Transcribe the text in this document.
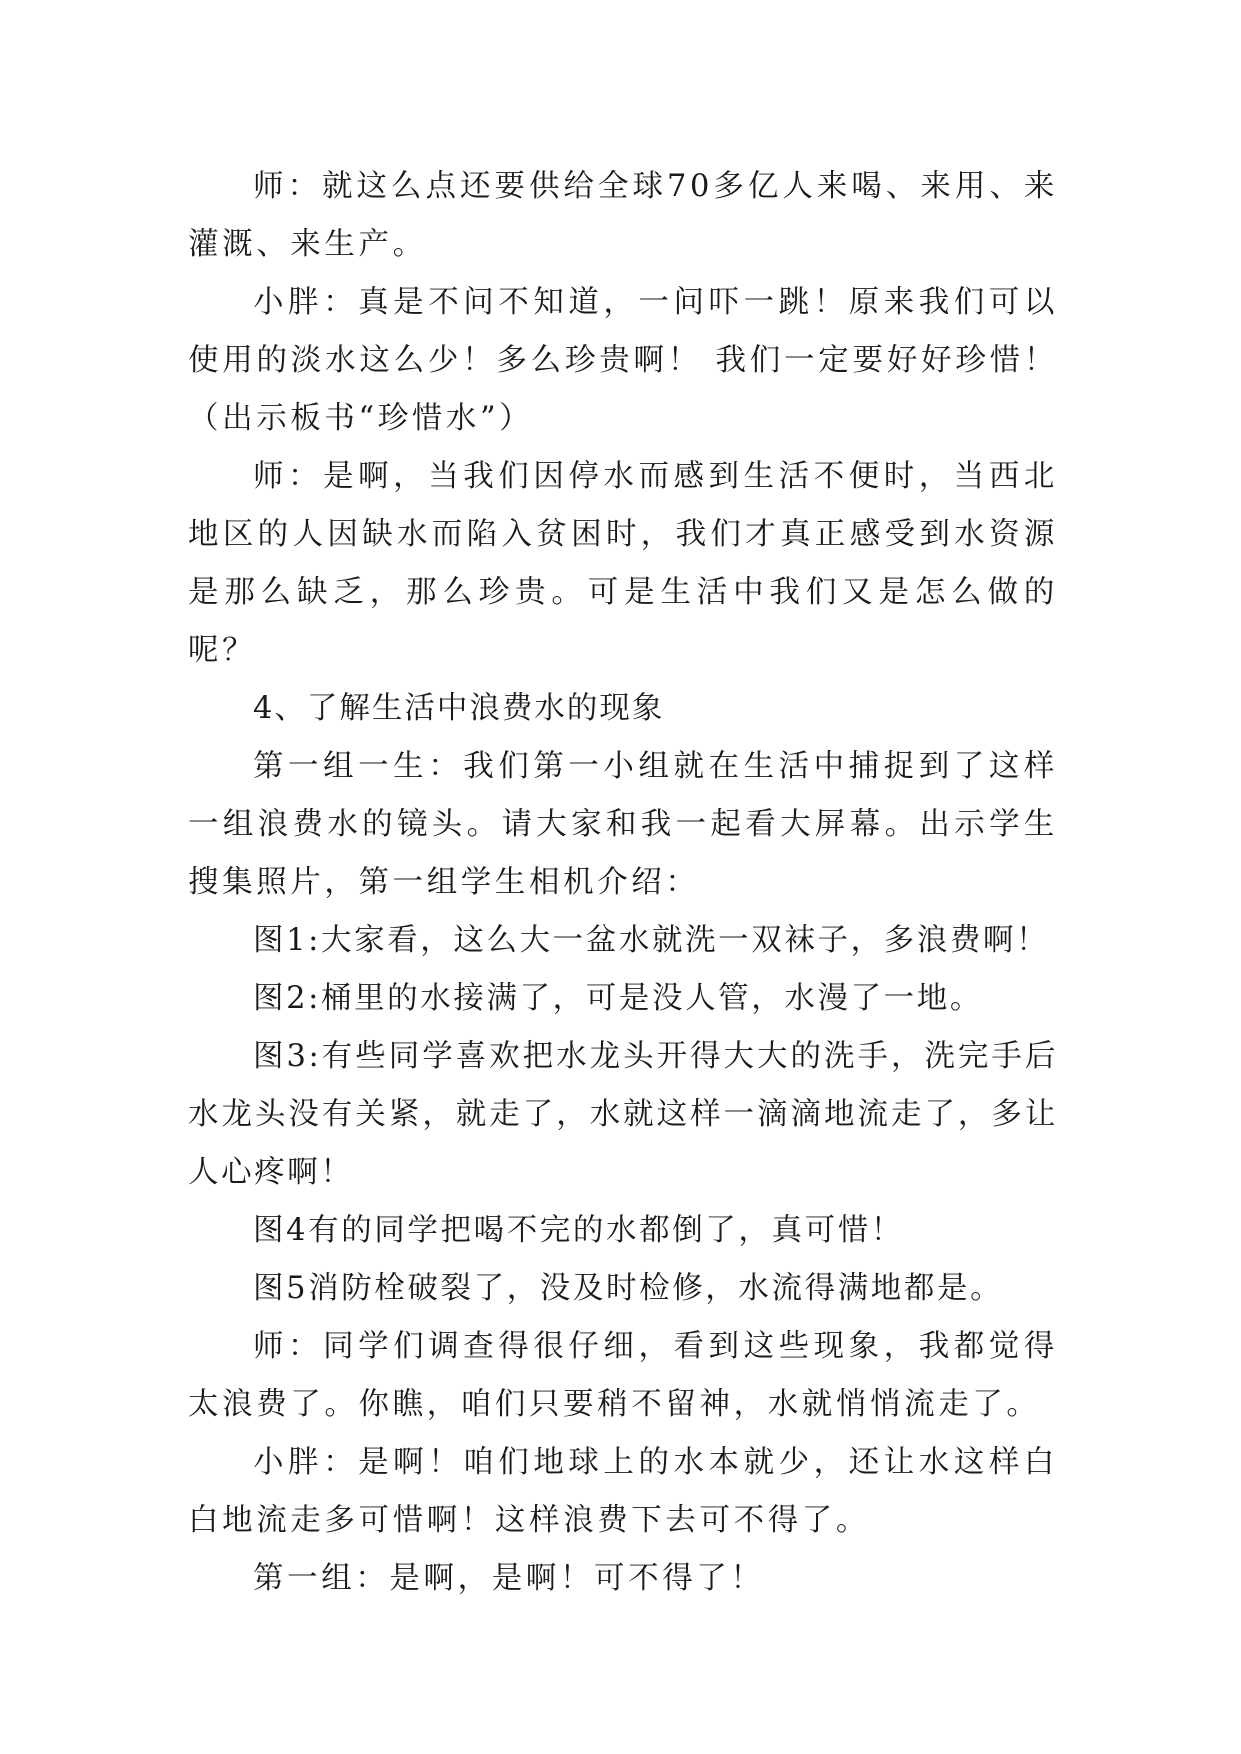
师：就这么点还要供给全球70多亿人来喝、来用、来灌溉、来生产。

小胖：真是不问不知道，一问吓一跳！原来我们可以使用的淡水这么少！多么珍贵啊！ 我们一定要好好珍惜！（出示板书“珍惜水”）

师：是啊，当我们因停水而感到生活不便时，当西北地区的人因缺水而陷入贫困时，我们才真正感受到水资源是那么缺乏，那么珍贵。可是生活中我们又是怎么做的呢？

4、了解生活中浪费水的现象

第一组一生：我们第一小组就在生活中捕捉到了这样一组浪费水的镜头。请大家和我一起看大屏幕。出示学生搜集照片，第一组学生相机介绍：

图1:大家看，这么大一盆水就洗一双袜子，多浪费啊！

图2:桶里的水接满了，可是没人管，水漫了一地。

图3:有些同学喜欢把水龙头开得大大的洗手，洗完手后水龙头没有关紧，就走了，水就这样一滴滴地流走了，多让人心疼啊！

图4有的同学把喝不完的水都倒了，真可惜！

图5消防栓破裂了，没及时检修，水流得满地都是。

师：同学们调查得很仔细，看到这些现象，我都觉得太浪费了。你瞧，咱们只要稍不留神，水就悄悄流走了。

小胖：是啊！咱们地球上的水本就少，还让水这样白白地流走多可惜啊！这样浪费下去可不得了。

第一组：是啊，是啊！可不得了！
